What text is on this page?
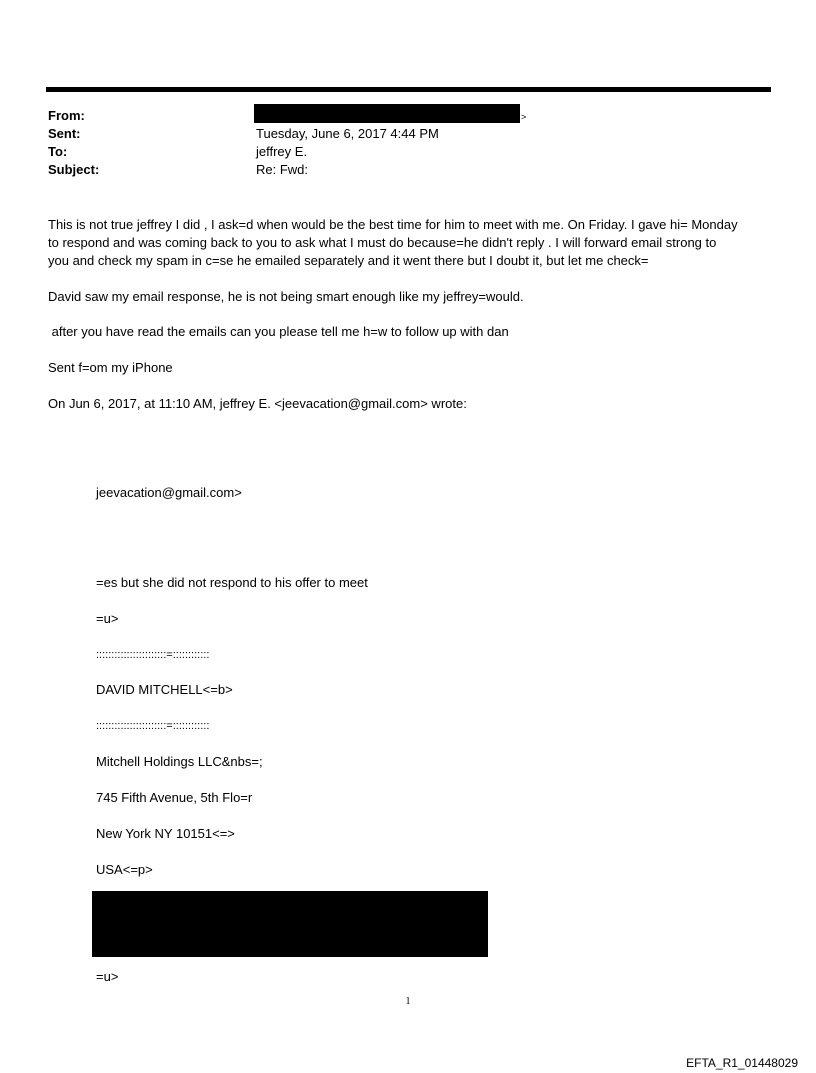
From:
Sent:
To:
Subject:
>
Tuesday, June 6, 2017 4:44 PM
jeffrey E.
Re: Fwd:
This is not true jeffrey I did , I ask=d when would be the best time for him to meet with me. On Friday. I gave hi= Monday
to respond and was coming back to you to ask what I must do because=he didn't reply . I will forward email strong to
you and check my spam in c=se he emailed separately and it went there but I doubt it, but let me check=
David saw my email response, he is not being smart enough like my jeffrey=would.
after you have read the emails can you please tell me h=w to follow up with dan
Sent f=om my iPhone
On Jun 6, 2017, at 11:10 AM, jeffrey E. <jeevacation@gmail.com> wrote:
jeevacation@gmail.com>
=es but she did not respond to his offer to meet
=u>
:::::::::::::::::::::::=::::::::::::
DAVID MITCHELL<=b>
:::::::::::::::::::::::=::::::::::::
Mitchell Holdings LLC&nbs=;
745 Fifth Avenue, 5th Flo=r
New York NY 10151<=>
USA<=p>
=u>
1
EFTA_R1_01448029
